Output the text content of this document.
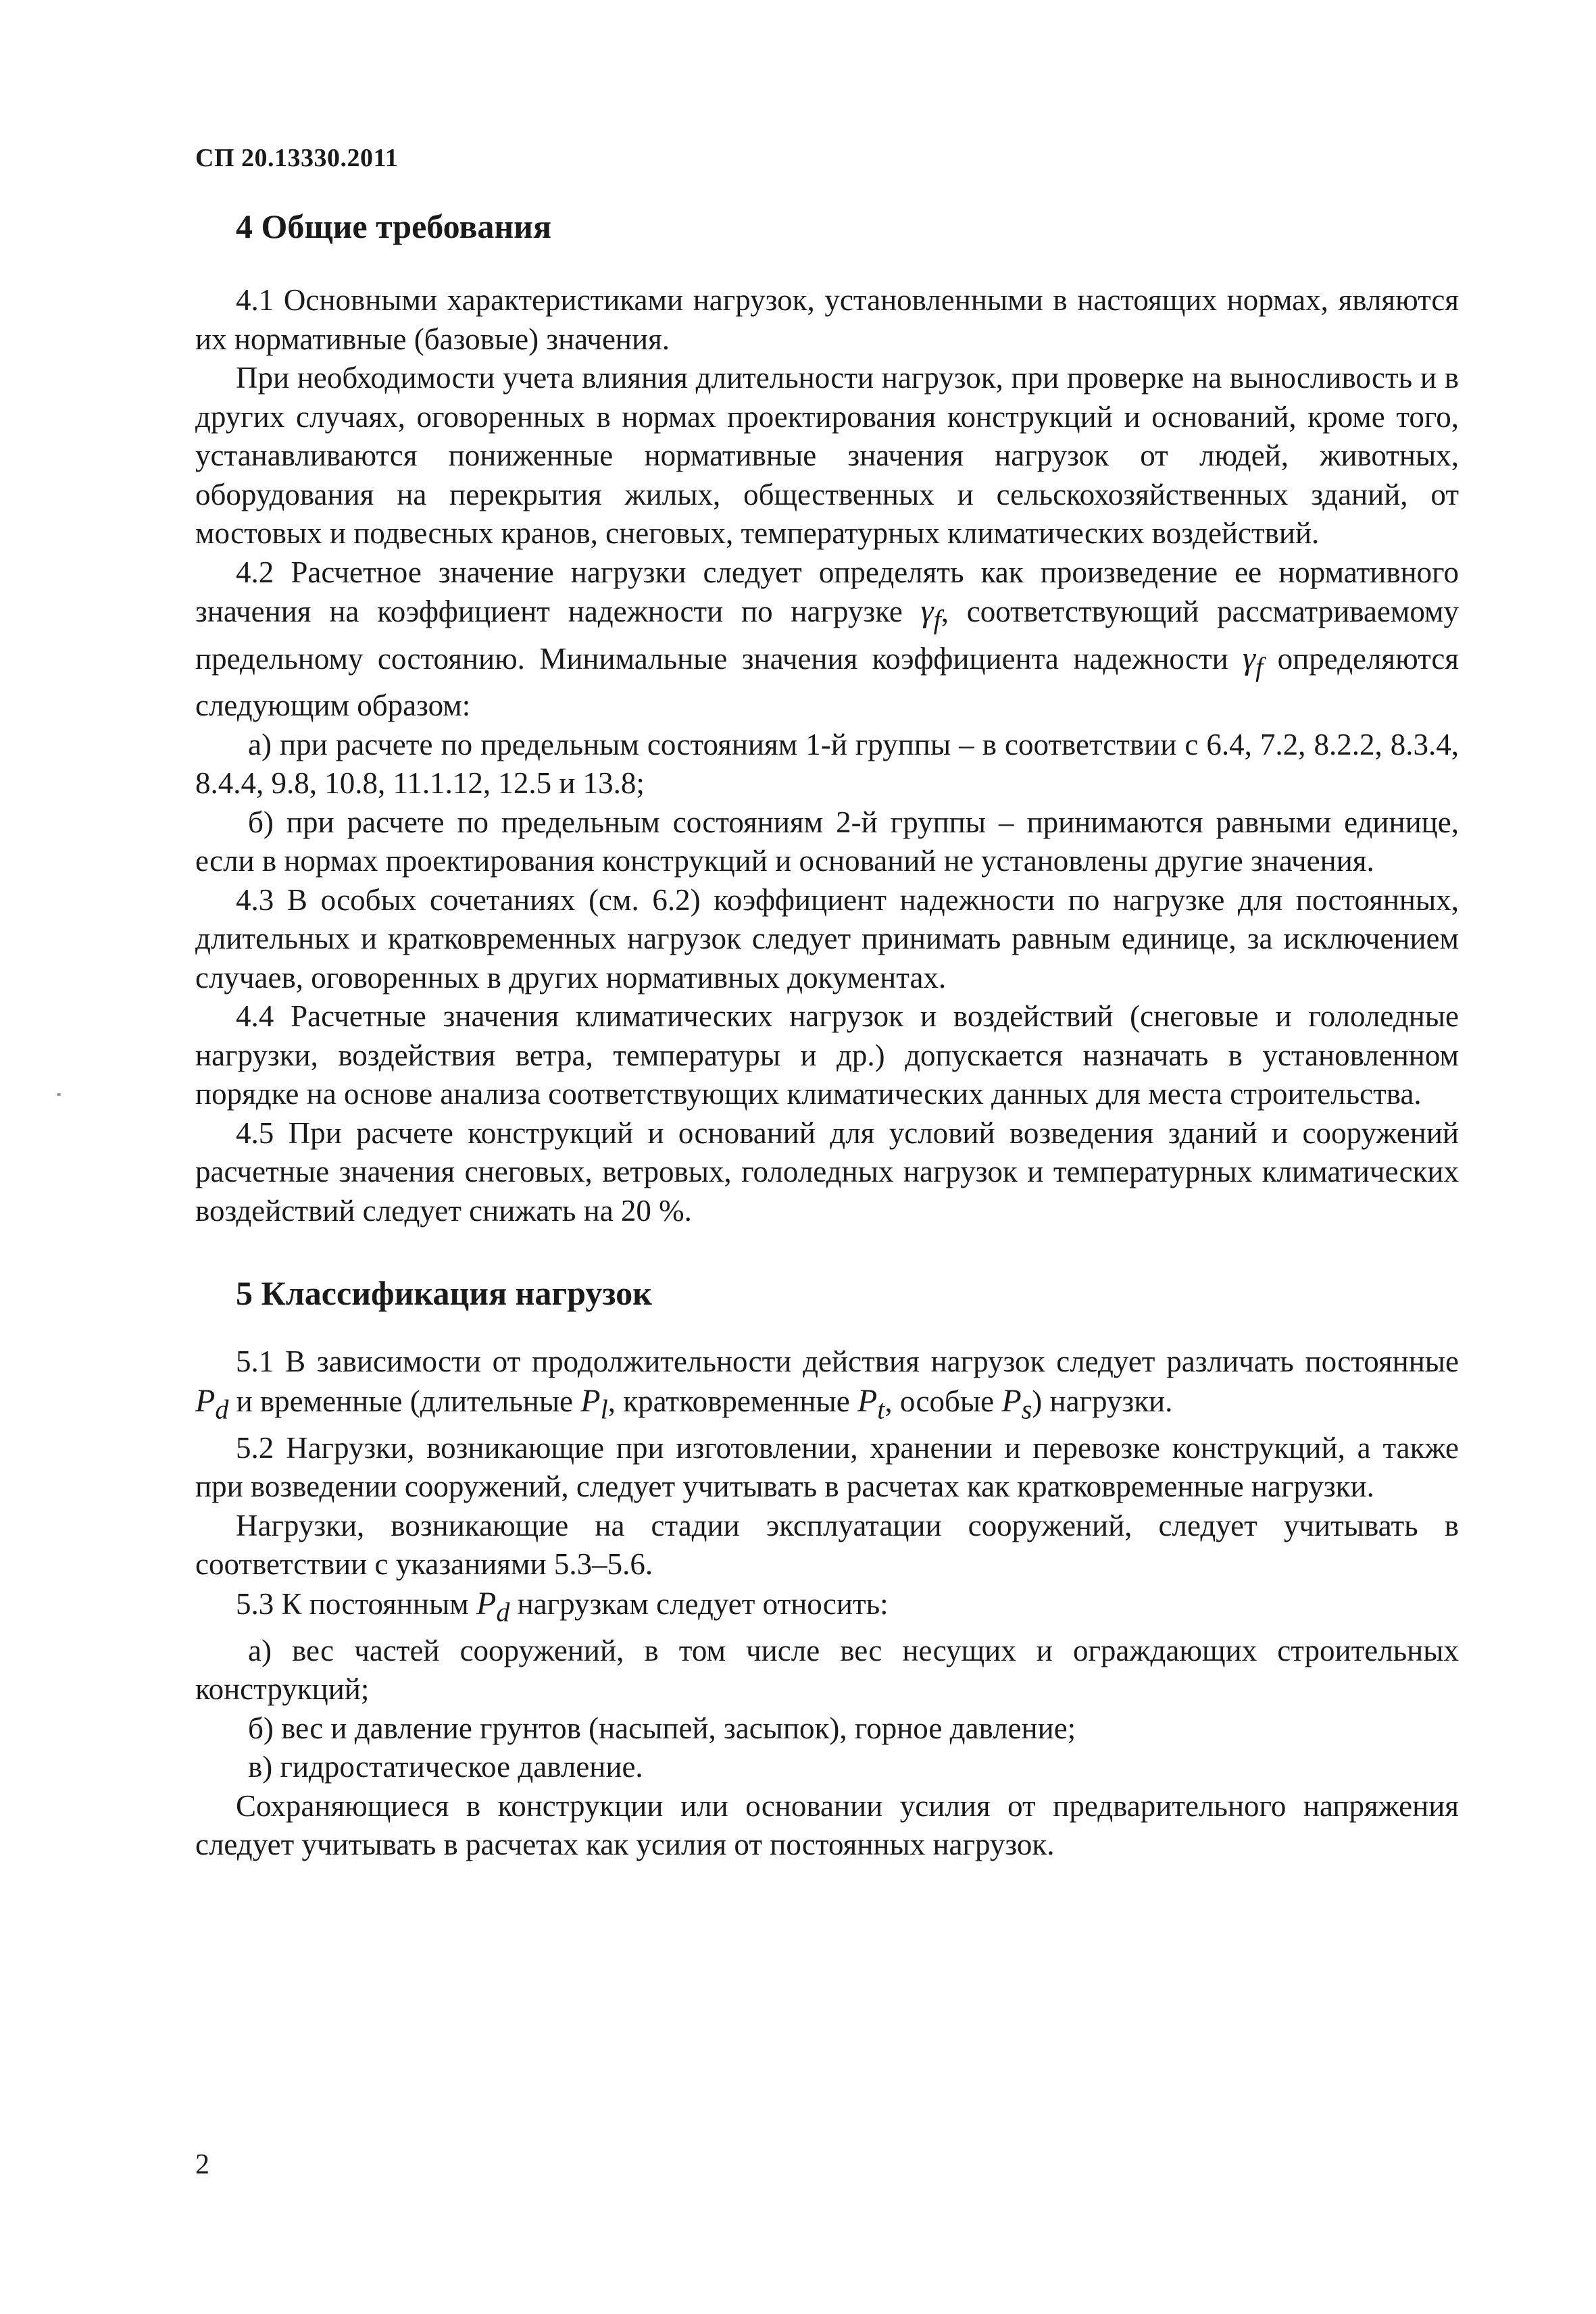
СП 20.13330.2011
4 Общие требования

4.1 Основными характеристиками нагрузок, установленными в настоящих нормах, являются их нормативные (базовые) значения.

При необходимости учета влияния длительности нагрузок, при проверке на выносливость и в других случаях, оговоренных в нормах проектирования конструкций и оснований, кроме того, устанавливаются пониженные нормативные значения нагрузок от людей, животных, оборудования на перекрытия жилых, общественных и сельскохозяйственных зданий, от мостовых и подвесных кранов, снеговых, температурных климатических воздействий.

4.2 Расчетное значение нагрузки следует определять как произведение ее нормативного значения на коэффициент надежности по нагрузке $\gamma_f$, соответствующий рассматриваемому предельному состоянию. Минимальные значения коэффициента надежности $\gamma_f$ определяются следующим образом:

а) при расчете по предельным состояниям 1-й группы – в соответствии с 6.4, 7.2, 8.2.2, 8.3.4, 8.4.4, 9.8, 10.8, 11.1.12, 12.5 и 13.8;

б) при расчете по предельным состояниям 2-й группы – принимаются равными единице, если в нормах проектирования конструкций и оснований не установлены другие значения.

4.3 В особых сочетаниях (см. 6.2) коэффициент надежности по нагрузке для постоянных, длительных и кратковременных нагрузок следует принимать равным единице, за исключением случаев, оговоренных в других нормативных документах.

4.4 Расчетные значения климатических нагрузок и воздействий (снеговые и гололедные нагрузки, воздействия ветра, температуры и др.) допускается назначать в установленном порядке на основе анализа соответствующих климатических данных для места строительства.

4.5 При расчете конструкций и оснований для условий возведения зданий и сооружений расчетные значения снеговых, ветровых, гололедных нагрузок и температурных климатических воздействий следует снижать на 20 %.

5 Классификация нагрузок

5.1 В зависимости от продолжительности действия нагрузок следует различать постоянные $P_d$ и временные (длительные $P_l$, кратковременные $P_t$, особые $P_s$) нагрузки.

5.2 Нагрузки, возникающие при изготовлении, хранении и перевозке конструкций, а также при возведении сооружений, следует учитывать в расчетах как кратковременные нагрузки.

Нагрузки, возникающие на стадии эксплуатации сооружений, следует учитывать в соответствии с указаниями 5.3–5.6.

5.3 К постоянным $P_d$ нагрузкам следует относить:

а) вес частей сооружений, в том числе вес несущих и ограждающих строительных конструкций;

б) вес и давление грунтов (насыпей, засыпок), горное давление;

в) гидростатическое давление.

Сохраняющиеся в конструкции или основании усилия от предварительного напряжения следует учитывать в расчетах как усилия от постоянных нагрузок.

2
